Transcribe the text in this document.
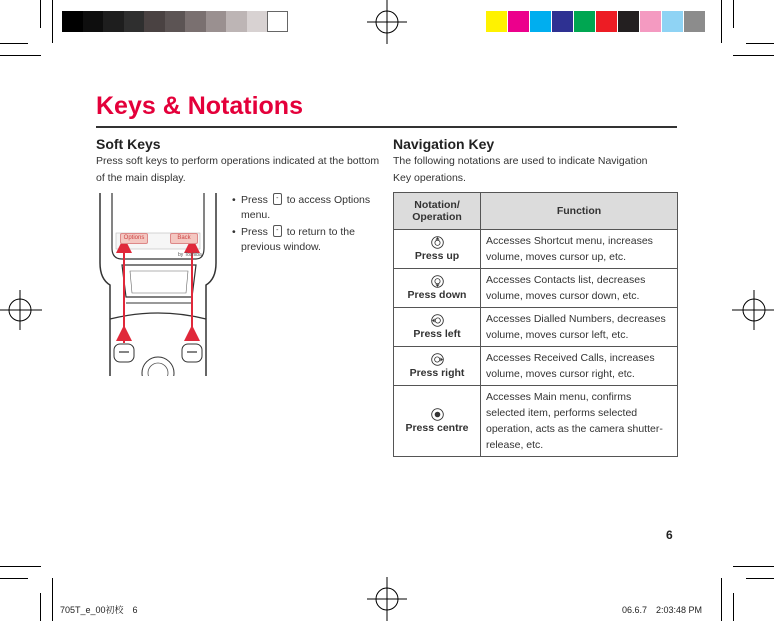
Keys & Notations
Soft Keys
Press soft keys to perform operations indicated at the bottom of the main display.
Options	Back
by Toshiba
• Press - to access Options menu.
• Press - to return to the previous window.
Navigation Key
The following notations are used to indicate Navigation Key operations.
Notation/ Operation	Function

Press up	Accesses Shortcut menu, increases volume, moves cursor up, etc.

Press down	Accesses Contacts list, decreases volume, moves cursor down, etc.

Press left	Accesses Dialled Numbers, decreases volume, moves cursor left, etc.

Press right	Accesses Received Calls, increases volume, moves cursor right, etc.

Press centre	Accesses Main menu, confirms selected item, performs selected operation, acts as the camera shutter-release, etc.
6
705T_e_00初校　6	06.6.7　2:03:48 PM
